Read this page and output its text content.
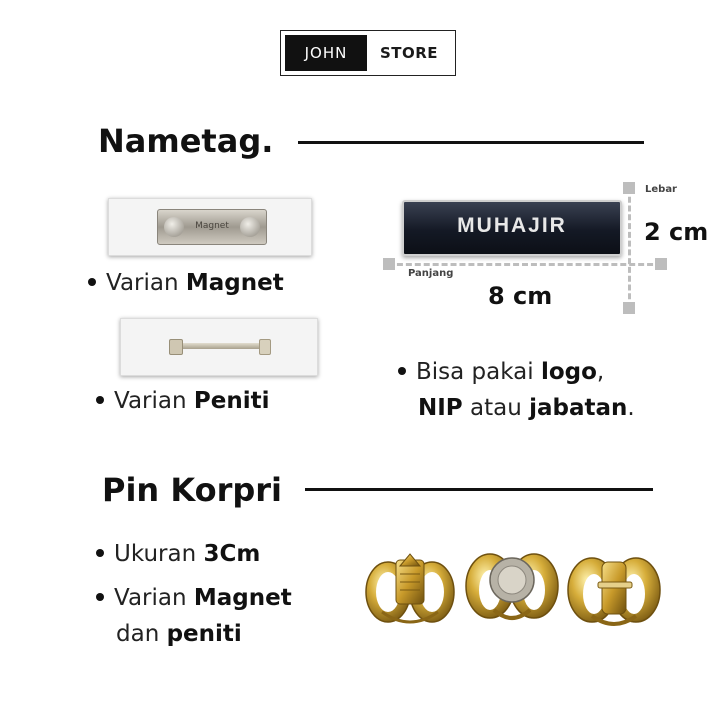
JOHN	STORE
Nametag.
Magnet
Varian Magnet
Varian Peniti
MUHAJIR
Lebar
2 cm
Panjang
8 cm
Bisa pakai logo,
NIP atau jabatan.
Pin Korpri
Ukuran 3Cm
Varian Magnet
dan peniti
